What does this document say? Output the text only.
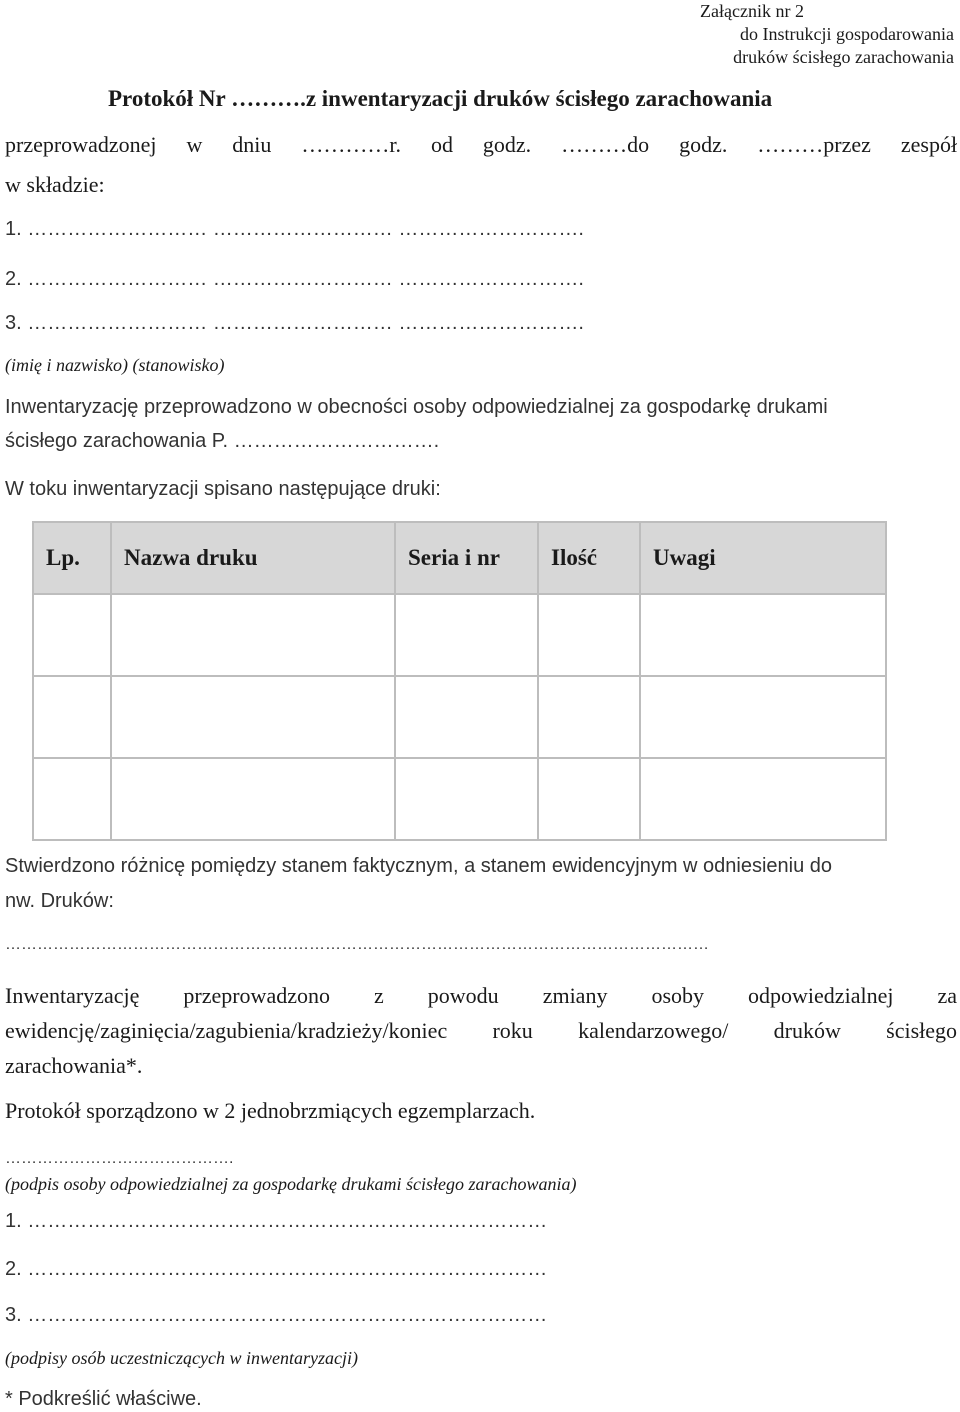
Załącznik nr 2
do Instrukcji gospodarowania
druków ścisłego zarachowania
Protokół Nr ……….z inwentaryzacji druków ścisłego zarachowania
przeprowadzonej w dniu …………r. od godz. ………do godz. ………przez zespół
w składzie:
1. ……………………… ……………………… ……………………….
2. ……………………… ……………………… ……………………….
3. ……………………… ……………………… ……………………….
(imię i nazwisko) (stanowisko)
Inwentaryzację przeprowadzono w obecności osoby odpowiedzialnej za gospodarkę drukami
ścisłego zarachowania P. ………………………….
W toku inwentaryzacji spisano następujące druki:
Lp.	Nazwa druku	Seria i nr	Ilość	Uwagi

Stwierdzono różnicę pomiędzy stanem faktycznym, a stanem ewidencyjnym w odniesieniu do
nw. Druków:
……………………………………………………………………………………………………………………
Inwentaryzację przeprowadzono z powodu zmiany osoby odpowiedzialnej za
ewidencję/zaginięcia/zagubienia/kradzieży/koniec roku kalendarzowego/ druków ścisłego
zarachowania*.
Protokół sporządzono w 2 jednobrzmiących egzemplarzach.
…………………………………….
(podpis osoby odpowiedzialnej za gospodarkę drukami ścisłego zarachowania)
1. ……………………………………………………………………
2. ……………………………………………………………………
3. ……………………………………………………………………
(podpisy osób uczestniczących w inwentaryzacji)
* Podkreślić właściwe.
